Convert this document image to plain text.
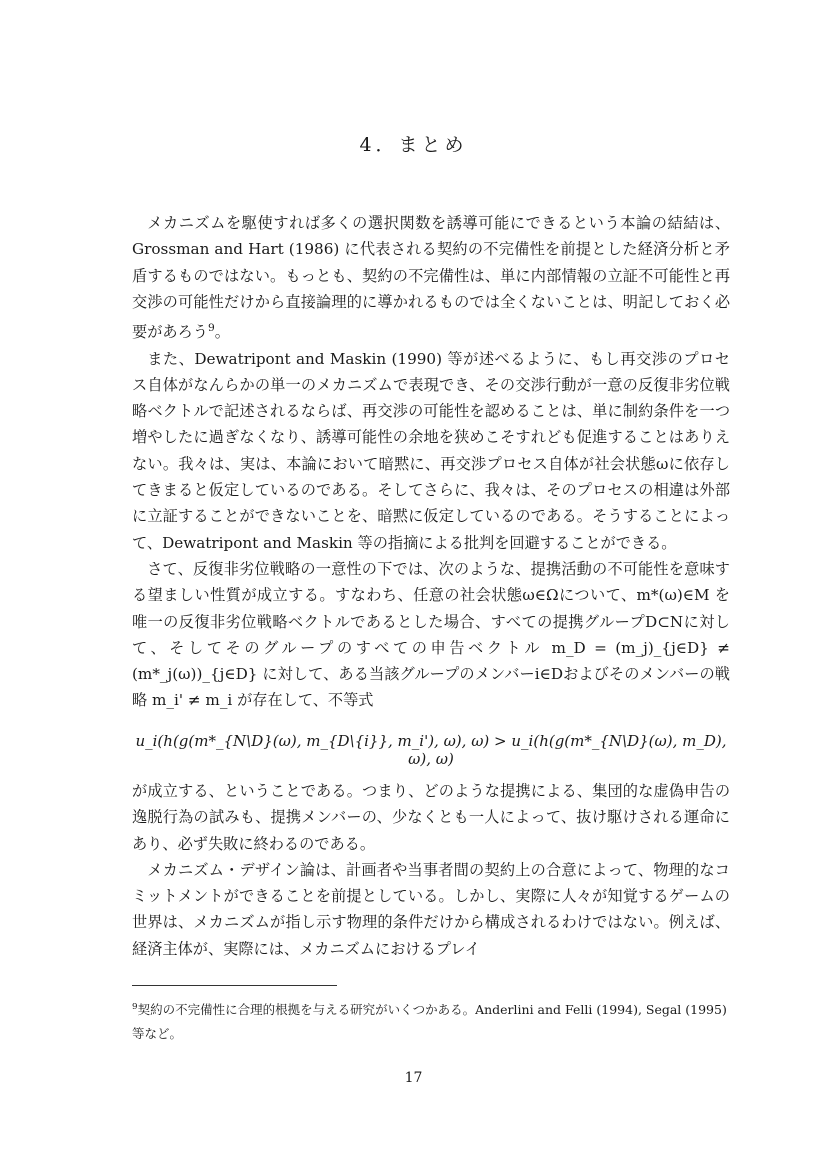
4．まとめ

メカニズムを駆使すれば多くの選択関数を誘導可能にできるという本論の結結は、Grossman and Hart (1986) に代表される契約の不完備性を前提とした経済分析と矛盾するものではない。もっとも、契約の不完備性は、単に内部情報の立証不可能性と再交渉の可能性だけから直接論理的に導かれるものでは全くないことは、明記しておく必要があろう$^9$。

また、Dewatripont and Maskin (1990) 等が述べるように、もし再交渉のプロセス自体がなんらかの単一のメカニズムで表現でき、その交渉行動が一意の反復非劣位戦略ベクトルで記述されるならば、再交渉の可能性を認めることは、単に制約条件を一つ増やしたに過ぎなくなり、誘導可能性の余地を狭めこそすれども促進することはありえない。我々は、実は、本論において暗黙に、再交渉プロセス自体が社会状態ωに依存してきまると仮定しているのである。そしてさらに、我々は、そのプロセスの相違は外部に立証することができないことを、暗黙に仮定しているのである。そうすることによって、Dewatripont and Maskin 等の指摘による批判を回避することができる。

さて、反復非劣位戦略の一意性の下では、次のような、提携活動の不可能性を意味する望ましい性質が成立する。すなわち、任意の社会状態ω∈Ωについて、m*(ω)∈M を唯一の反復非劣位戦略ベクトルであるとした場合、すべての提携グループD⊂Nに対して、そしてそのグループのすべての申告ベクトル m_D = (m_j)_{j∈D} ≠ (m*_j(ω))_{j∈D} に対して、ある当該グループのメンバーi∈Dおよびそのメンバーの戦略 m_i' ≠ m_i が存在して、不等式

u_i(h(g(m*_{N\D}(ω), m_{D\{i}}, m_i'), ω), ω) > u_i(h(g(m*_{N\D}(ω), m_D), ω), ω)

が成立する、ということである。つまり、どのような提携による、集団的な虚偽申告の逸脱行為の試みも、提携メンバーの、少なくとも一人によって、抜け駆けされる運命にあり、必ず失敗に終わるのである。

メカニズム・デザイン論は、計画者や当事者間の契約上の合意によって、物理的なコミットメントができることを前提としている。しかし、実際に人々が知覚するゲームの世界は、メカニズムが指し示す物理的条件だけから構成されるわけではない。例えば、経済主体が、実際には、メカニズムにおけるプレイ

$^9$契約の不完備性に合理的根拠を与える研究がいくつかある。Anderlini and Felli (1994), Segal (1995) 等など。
17
